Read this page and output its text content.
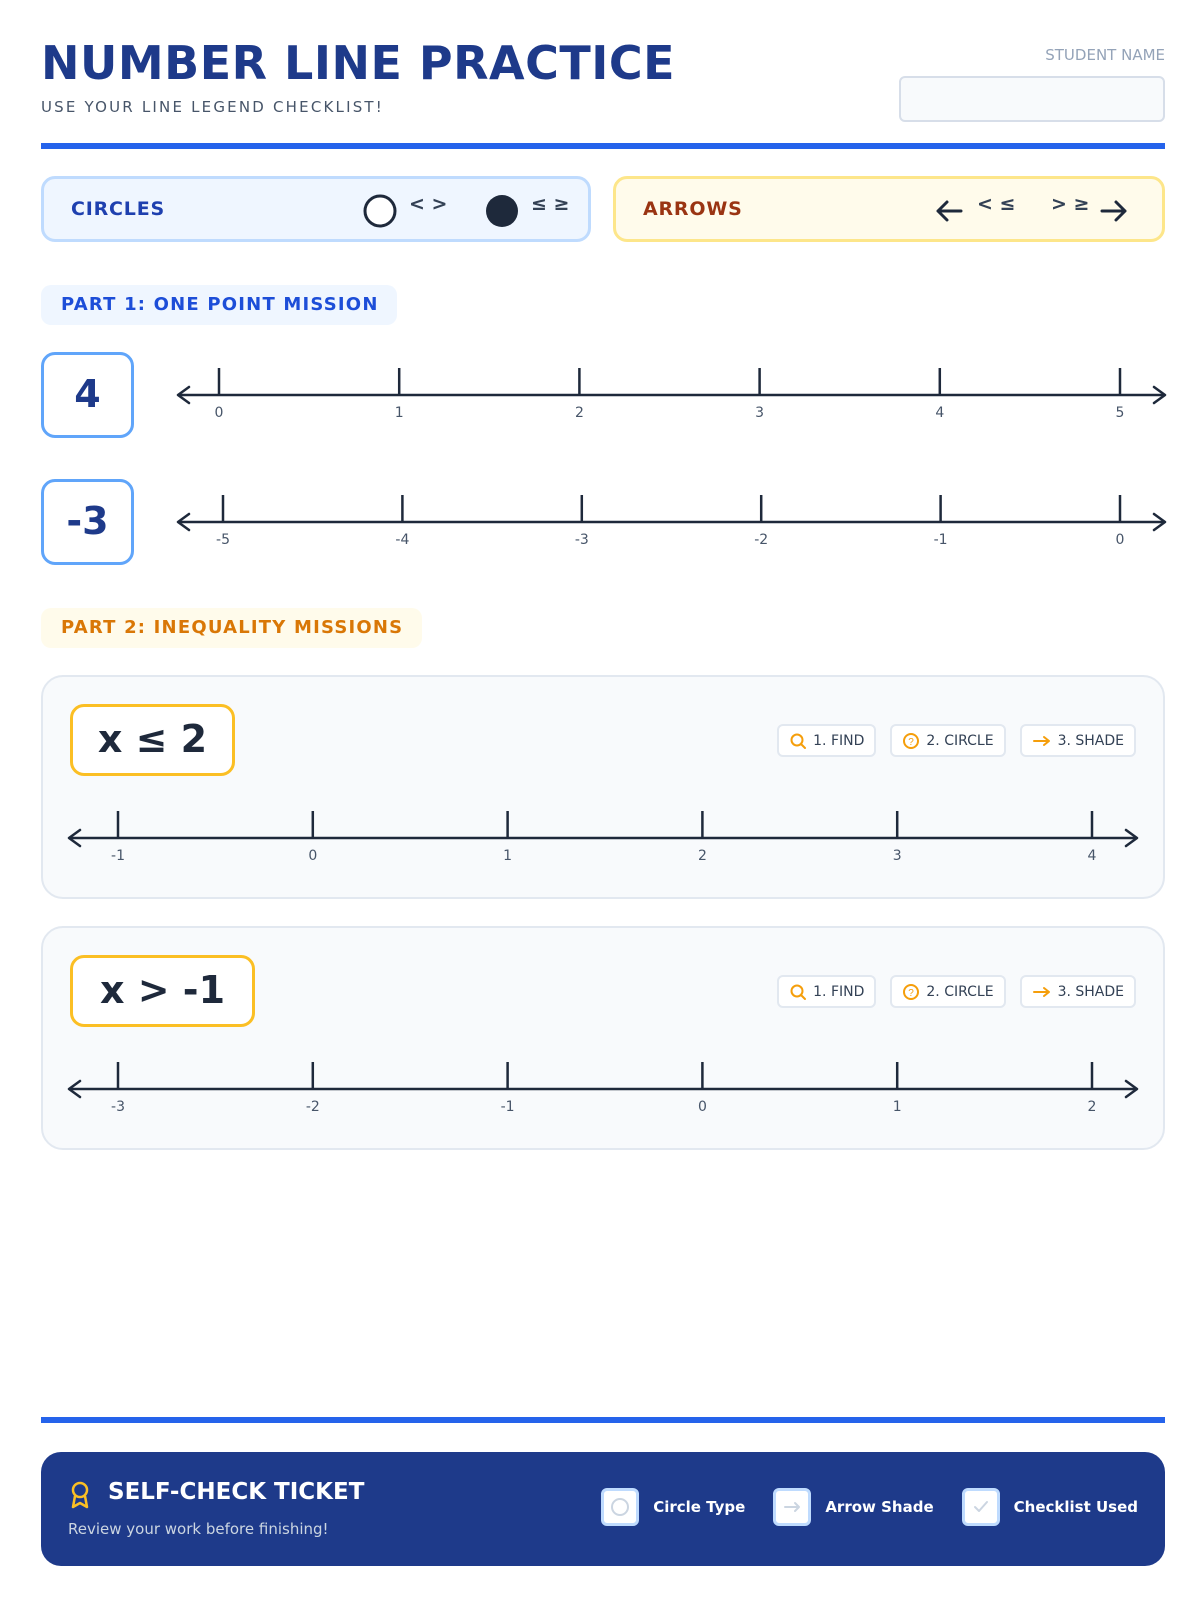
NUMBER LINE PRACTICE
USE YOUR LINE LEGEND CHECKLIST!
STUDENT NAME
CIRCLES	< >	≤ ≥	ARROWS	< ≤ > ≥
PART 1: ONE POINT MISSION
4	0	1	2	3	4	5
-3	-5	-4	-3	-2	-1	0
PART 2: INEQUALITY MISSIONS
x ≤ 2	1. FIND	? 2. CIRCLE	3. SHADE
-1	0	1	2	3	4
x > -1	1. FIND	? 2. CIRCLE	3. SHADE
-3	-2	-1	0	1	2
SELF-CHECK TICKET
Review your work before finishing!
Circle Type	Arrow Shade	Checklist Used
